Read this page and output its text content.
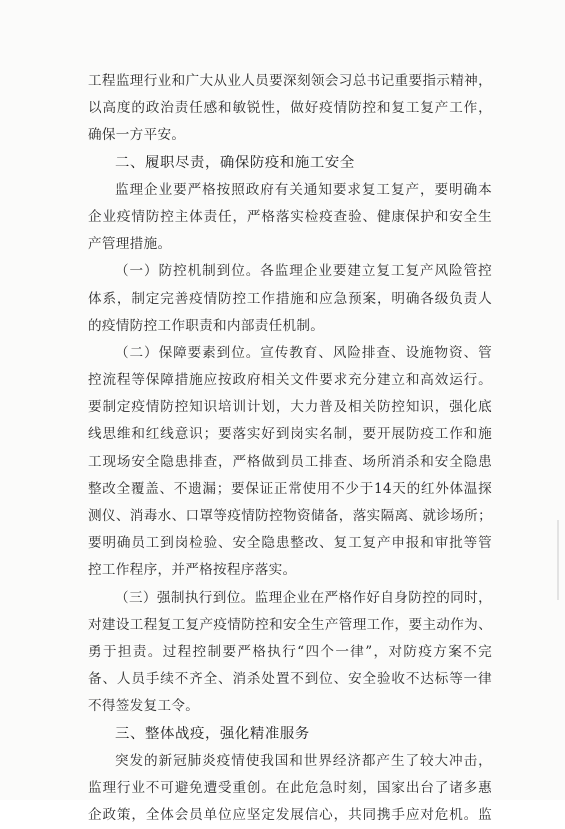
工程监理行业和广大从业人员要深刻领会习总书记重要指示精神，
以高度的政治责任感和敏锐性，做好疫情防控和复工复产工作，
确保一方平安。
二、履职尽责，确保防疫和施工安全
监理企业要严格按照政府有关通知要求复工复产，要明确本
企业疫情防控主体责任，严格落实检疫查验、健康保护和安全生
产管理措施。
（一）防控机制到位。各监理企业要建立复工复产风险管控
体系，制定完善疫情防控工作措施和应急预案，明确各级负责人
的疫情防控工作职责和内部责任机制。
（二）保障要素到位。宣传教育、风险排查、设施物资、管
控流程等保障措施应按政府相关文件要求充分建立和高效运行。
要制定疫情防控知识培训计划，大力普及相关防控知识，强化底
线思维和红线意识；要落实好到岗实名制，要开展防疫工作和施
工现场安全隐患排查，严格做到员工排查、场所消杀和安全隐患
整改全覆盖、不遗漏；要保证正常使用不少于14天的红外体温探
测仪、消毒水、口罩等疫情防控物资储备，落实隔离、就诊场所；
要明确员工到岗检验、安全隐患整改、复工复产申报和审批等管
控工作程序，并严格按程序落实。
（三）强制执行到位。监理企业在严格作好自身防控的同时，
对建设工程复工复产疫情防控和安全生产管理工作，要主动作为、
勇于担责。过程控制要严格执行“四个一律”，对防疫方案不完
备、人员手续不齐全、消杀处置不到位、安全验收不达标等一律
不得签发复工令。
三、整体战疫，强化精准服务
突发的新冠肺炎疫情使我国和世界经济都产生了较大冲击，
监理行业不可避免遭受重创。在此危急时刻，国家出台了诸多惠
企政策，全体会员单位应坚定发展信心，共同携手应对危机。监
